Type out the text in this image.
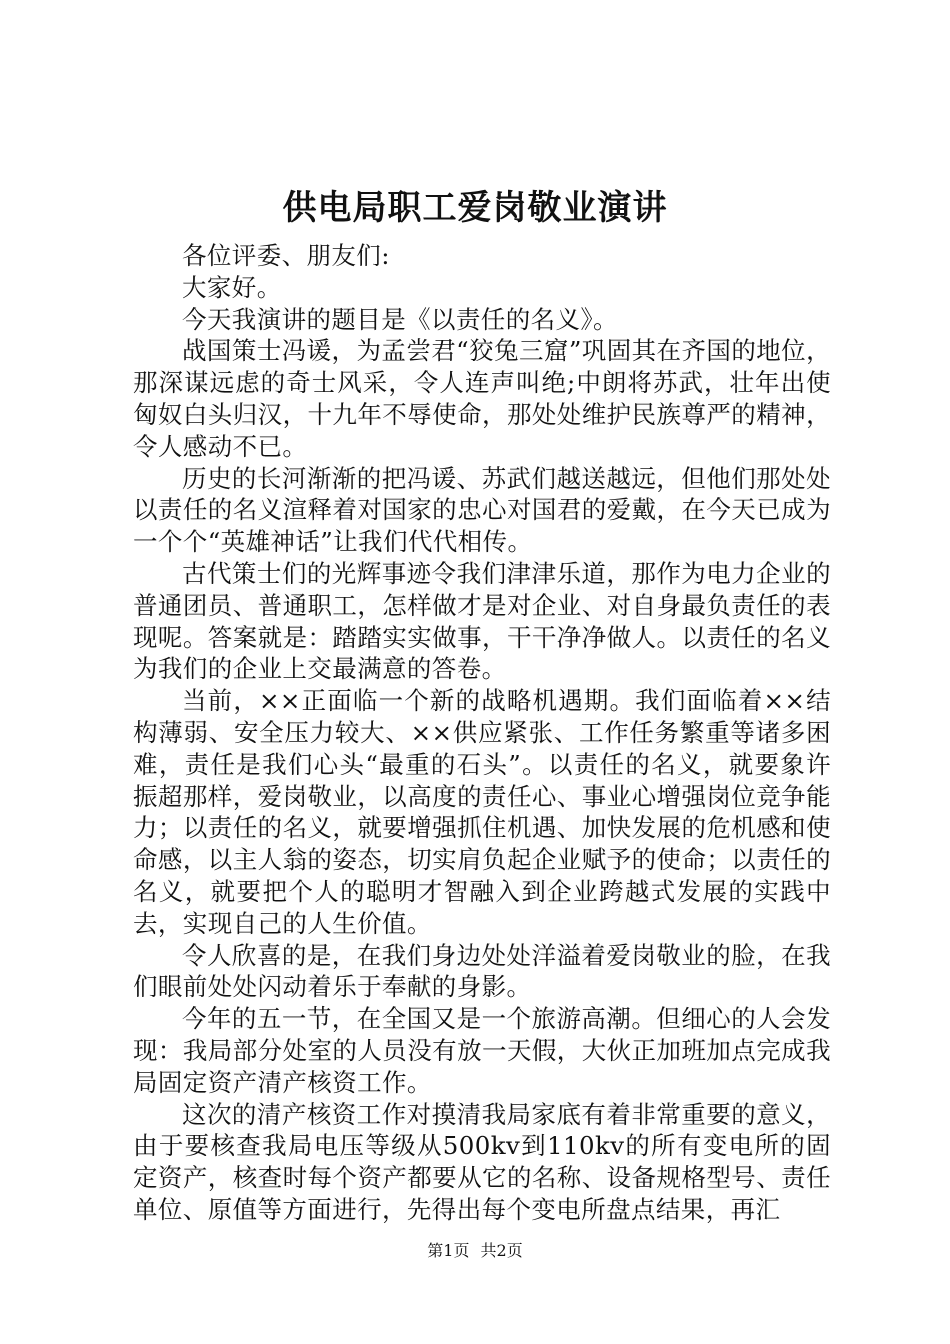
供电局职工爱岗敬业演讲

各位评委、朋友们:

大家好。

今天我演讲的题目是《以责任的名义》。

战国策士冯谖，为孟尝君“狡兔三窟”巩固其在齐国的地位，那深谋远虑的奇士风采，令人连声叫绝;中朗将苏武，壮年出使匈奴白头归汉，十九年不辱使命，那处处维护民族尊严的精神，令人感动不已。

历史的长河渐渐的把冯谖、苏武们越送越远，但他们那处处以责任的名义渲释着对国家的忠心对国君的爱戴，在今天已成为一个个“英雄神话”让我们代代相传。

古代策士们的光辉事迹令我们津津乐道，那作为电力企业的普通团员、普通职工，怎样做才是对企业、对自身最负责任的表现呢。答案就是：踏踏实实做事，干干净净做人。以责任的名义为我们的企业上交最满意的答卷。

当前，××正面临一个新的战略机遇期。我们面临着××结构薄弱、安全压力较大、××供应紧张、工作任务繁重等诸多困难，责任是我们心头“最重的石头”。以责任的名义，就要象许振超那样，爱岗敬业，以高度的责任心、事业心增强岗位竞争能力；以责任的名义，就要增强抓住机遇、加快发展的危机感和使命感，以主人翁的姿态，切实肩负起企业赋予的使命；以责任的名义，就要把个人的聪明才智融入到企业跨越式发展的实践中去，实现自己的人生价值。

令人欣喜的是，在我们身边处处洋溢着爱岗敬业的脸，在我们眼前处处闪动着乐于奉献的身影。

今年的五一节，在全国又是一个旅游高潮。但细心的人会发现：我局部分处室的人员没有放一天假，大伙正加班加点完成我局固定资产清产核资工作。

这次的清产核资工作对摸清我局家底有着非常重要的意义，由于要核查我局电压等级从500kv到110kv的所有变电所的固定资产，核查时每个资产都要从它的名称、设备规格型号、责任单位、原值等方面进行，先得出每个变电所盘点结果，再汇

第1页 共2页
